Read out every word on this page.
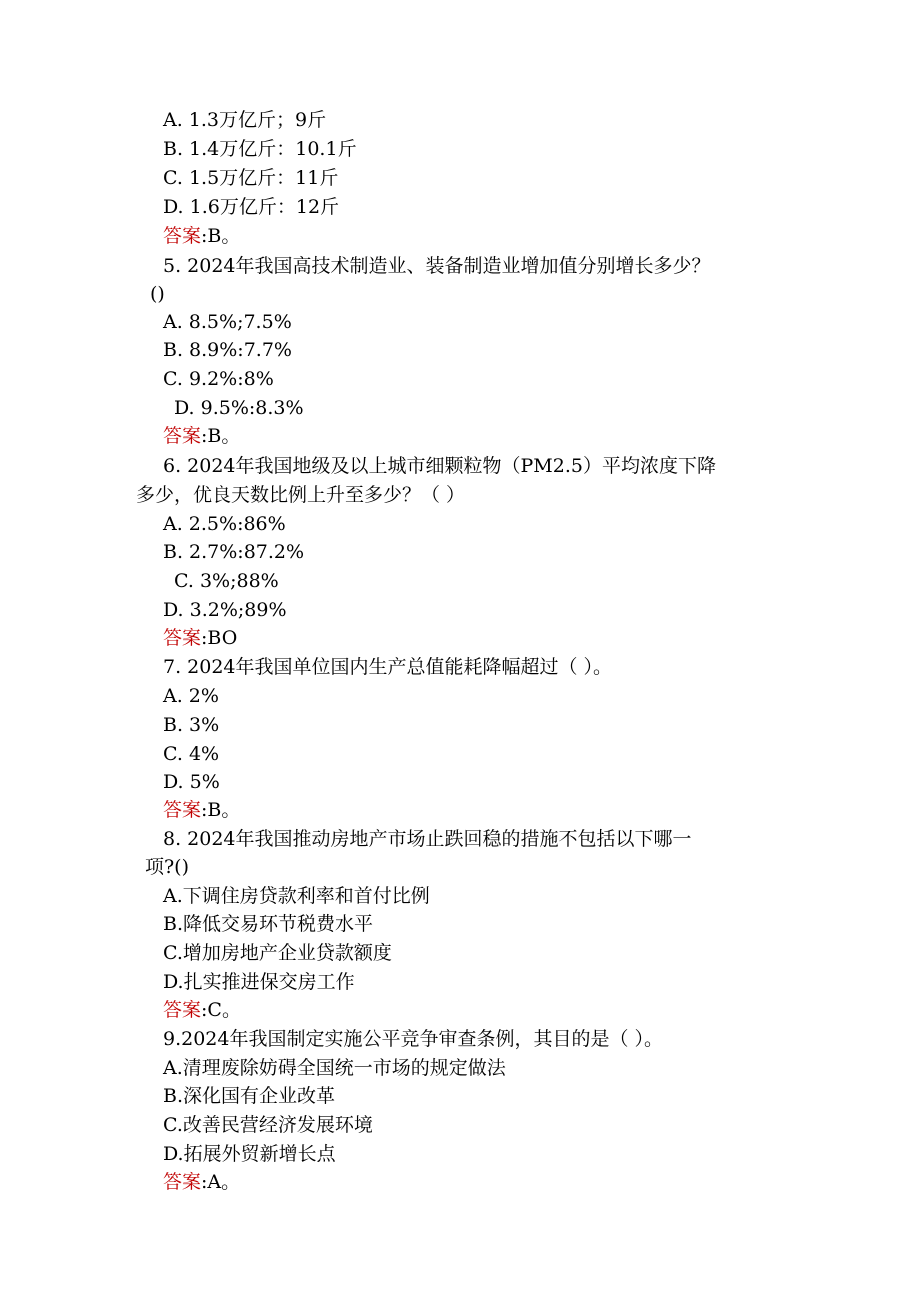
A. 1.3万亿斤；9斤
B. 1.4万亿斤：10.1斤
C. 1.5万亿斤：11斤
D. 1.6万亿斤：12斤
答案:B。
5. 2024年我国高技术制造业、装备制造业增加值分别增长多少？
()
A. 8.5%;7.5%
B. 8.9%:7.7%
C. 9.2%:8%
D. 9.5%:8.3%
答案:B。
6. 2024年我国地级及以上城市细颗粒物（PM2.5）平均浓度下降
多少，优良天数比例上升至多少？（ ）
A. 2.5%:86%
B. 2.7%:87.2%
C. 3%;88%
D. 3.2%;89%
答案:BO
7. 2024年我国单位国内生产总值能耗降幅超过（ ）。
A. 2%
B. 3%
C. 4%
D. 5%
答案:B。
8. 2024年我国推动房地产市场止跌回稳的措施不包括以下哪一
项?()
A.下调住房贷款利率和首付比例
B.降低交易环节税费水平
C.增加房地产企业贷款额度
D.扎实推进保交房工作
答案:C。
9.2024年我国制定实施公平竞争审查条例，其目的是（ ）。
A.清理废除妨碍全国统一市场的规定做法
B.深化国有企业改革
C.改善民营经济发展环境
D.拓展外贸新增长点
答案:A。
